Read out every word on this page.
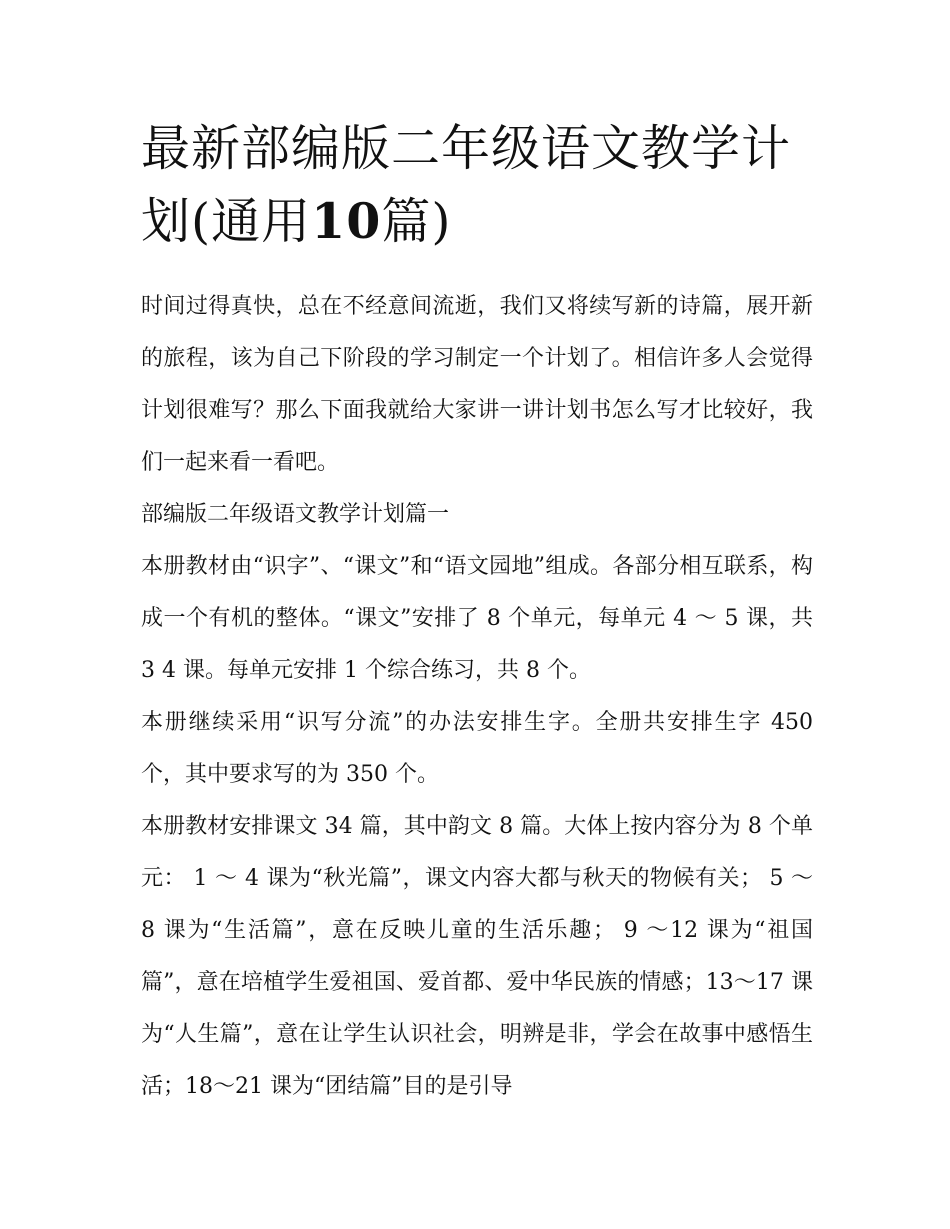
最新部编版二年级语文教学计划(通用10篇)

时间过得真快，总在不经意间流逝，我们又将续写新的诗篇，展开新的旅程，该为自己下阶段的学习制定一个计划了。相信许多人会觉得计划很难写？那么下面我就给大家讲一讲计划书怎么写才比较好，我们一起来看一看吧。

部编版二年级语文教学计划篇一

本册教材由“识字”、“课文”和“语文园地”组成。各部分相互联系，构成一个有机的整体。“课文”安排了 8 个单元，每单元 4 ～ 5 课，共 3 4 课。每单元安排 1 个综合练习，共 8 个。

本册继续采用“识写分流”的办法安排生字。全册共安排生字 450 个，其中要求写的为 350 个。

本册教材安排课文 34 篇，其中韵文 8 篇。大体上按内容分为 8 个单元： 1 ～ 4 课为“秋光篇”，课文内容大都与秋天的物候有关； 5 ～ 8 课为“生活篇”，意在反映儿童的生活乐趣； 9 ～12 课为“祖国篇”，意在培植学生爱祖国、爱首都、爱中华民族的情感；13～17 课为“人生篇”，意在让学生认识社会，明辨是非，学会在故事中感悟生活；18～21 课为“团结篇”目的是引导
